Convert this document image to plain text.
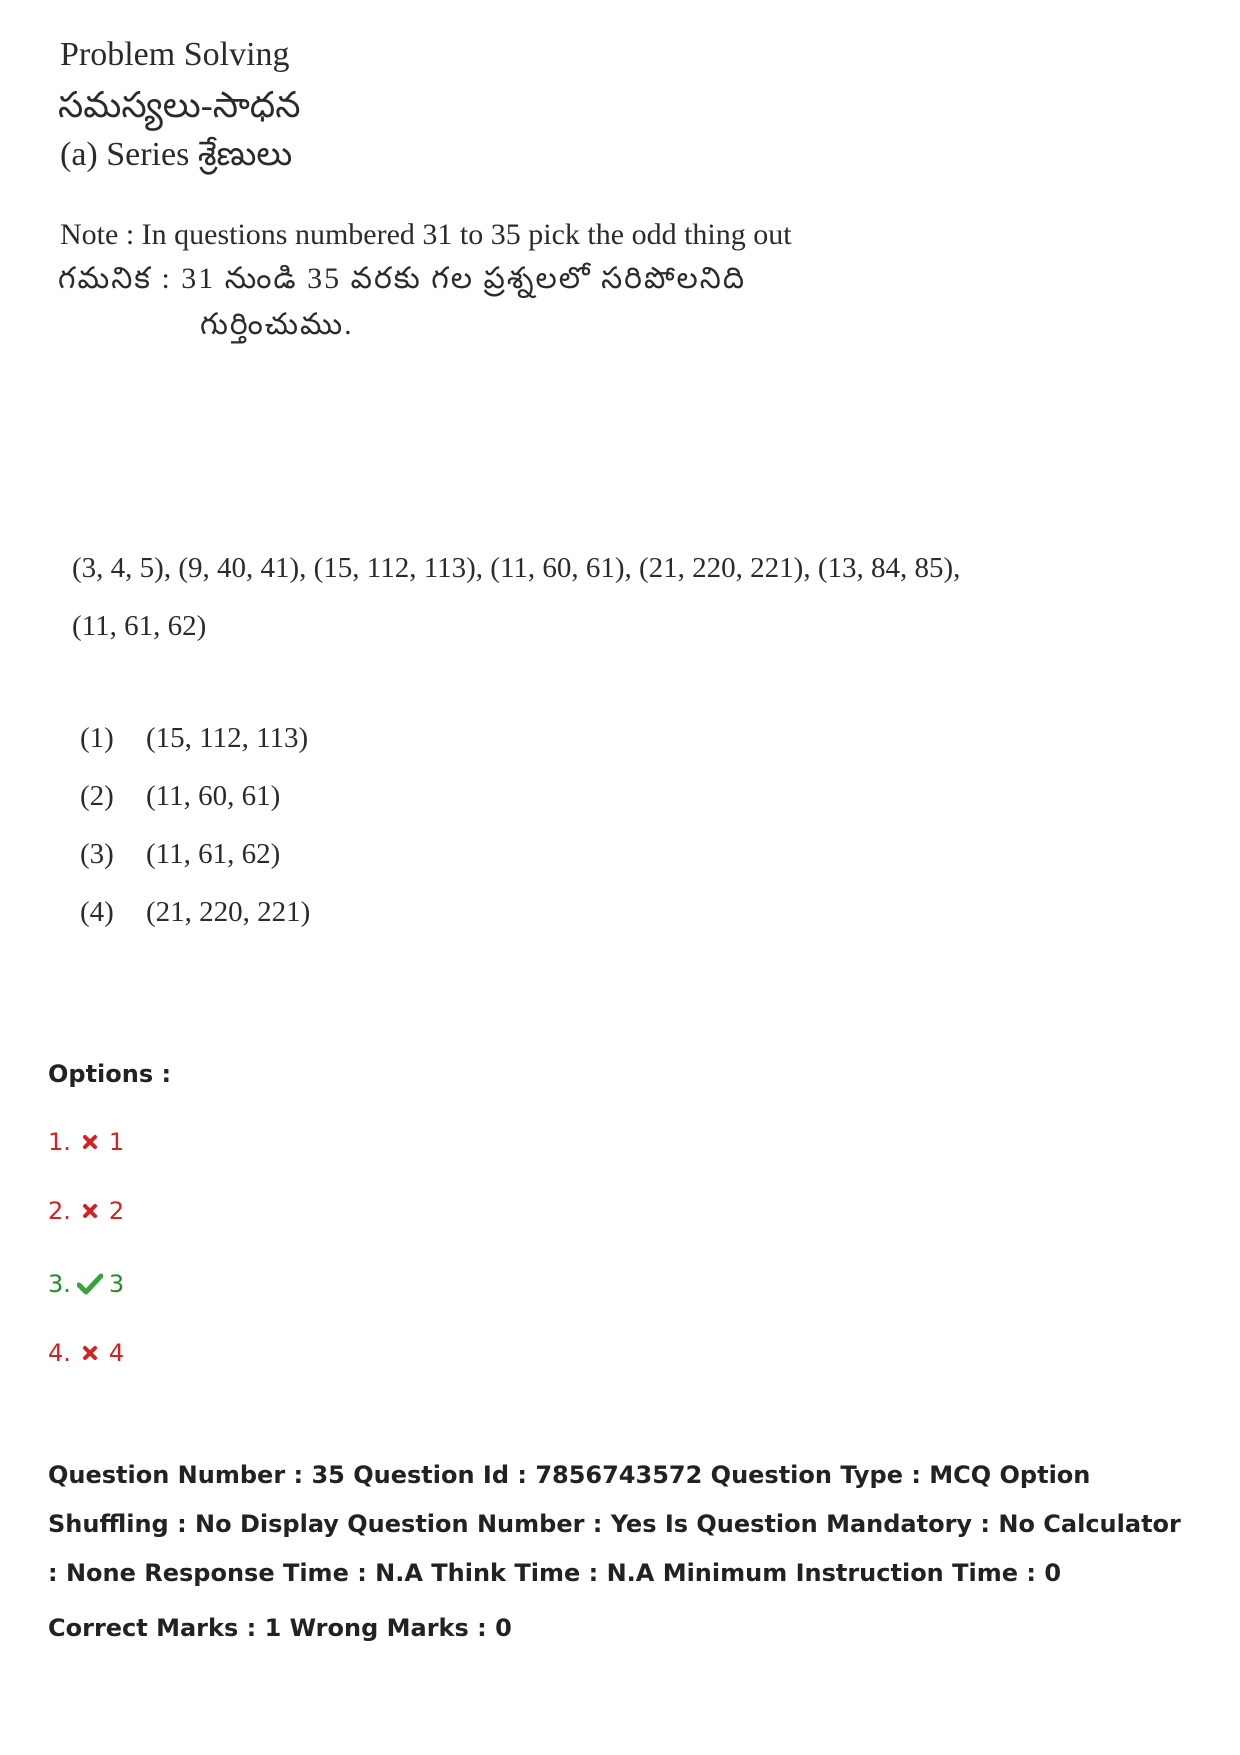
Problem Solving
సమస్యలు-సాధన
(a) Series శ్రేణులు
Note : In questions numbered 31 to 35 pick the odd thing out
గమనిక : 31 నుండి 35 వరకు గల ప్రశ్నలలో సరిపోలనిది
గుర్తించుము.
(3, 4, 5), (9, 40, 41), (15, 112, 113), (11, 60, 61), (21, 220, 221), (13, 84, 85),
(11, 61, 62)
(1) (15, 112, 113)
(2) (11, 60, 61)
(3) (11, 61, 62)
(4) (21, 220, 221)
Options :
1. 1
2. 2
3. 3
4. 4
Question Number : 35 Question Id : 7856743572 Question Type : MCQ Option Shuffling : No Display Question Number : Yes Is Question Mandatory : No Calculator : None Response Time : N.A Think Time : N.A Minimum Instruction Time : 0
Correct Marks : 1 Wrong Marks : 0
